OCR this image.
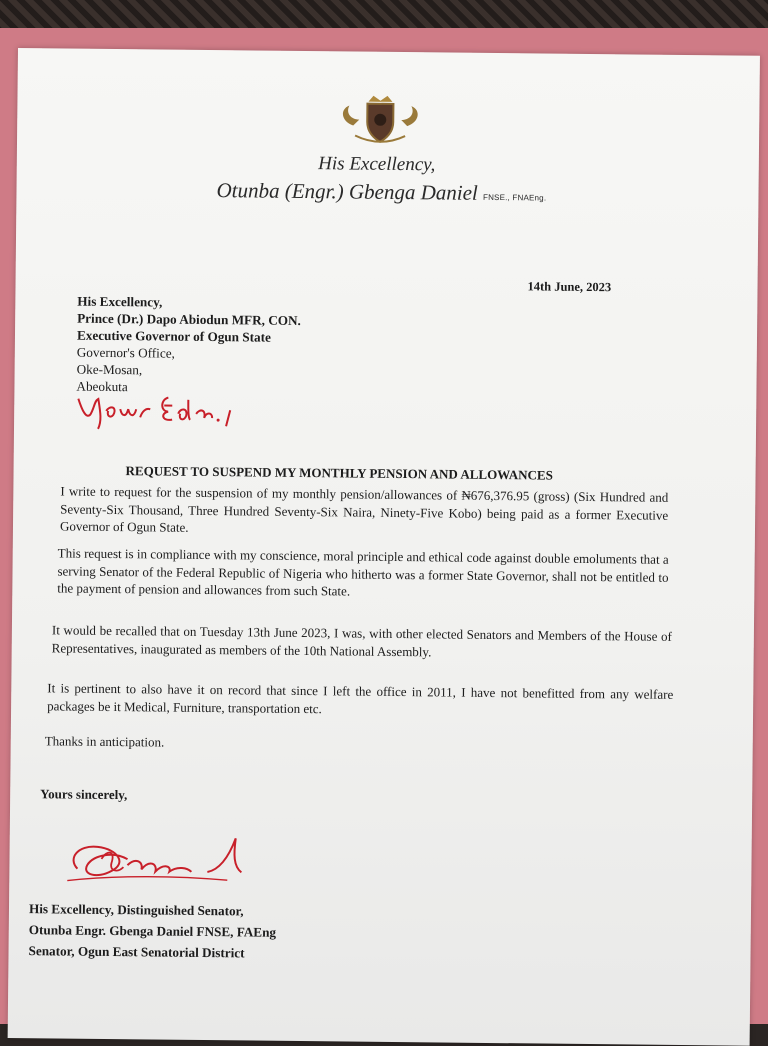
His Excellency,
Otunba (Engr.) Gbenga Daniel FNSE., FNAEng.
14th June, 2023
His Excellency,
Prince (Dr.) Dapo Abiodun MFR, CON.
Executive Governor of Ogun State
Governor's Office,
Oke-Mosan,
Abeokuta
REQUEST TO SUSPEND MY MONTHLY PENSION AND ALLOWANCES
I write to request for the suspension of my monthly pension/allowances of ₦676,376.95 (gross) (Six Hundred and Seventy-Six Thousand, Three Hundred Seventy-Six Naira, Ninety-Five Kobo) being paid as a former Executive Governor of Ogun State.
This request is in compliance with my conscience, moral principle and ethical code against double emoluments that a serving Senator of the Federal Republic of Nigeria who hitherto was a former State Governor, shall not be entitled to the payment of pension and allowances from such State.
It would be recalled that on Tuesday 13th June 2023, I was, with other elected Senators and Members of the House of Representatives, inaugurated as members of the 10th National Assembly.
It is pertinent to also have it on record that since I left the office in 2011, I have not benefitted from any welfare packages be it Medical, Furniture, transportation etc.
Thanks in anticipation.
Yours sincerely,
His Excellency, Distinguished Senator,
Otunba Engr. Gbenga Daniel FNSE, FAEng
Senator, Ogun East Senatorial District
